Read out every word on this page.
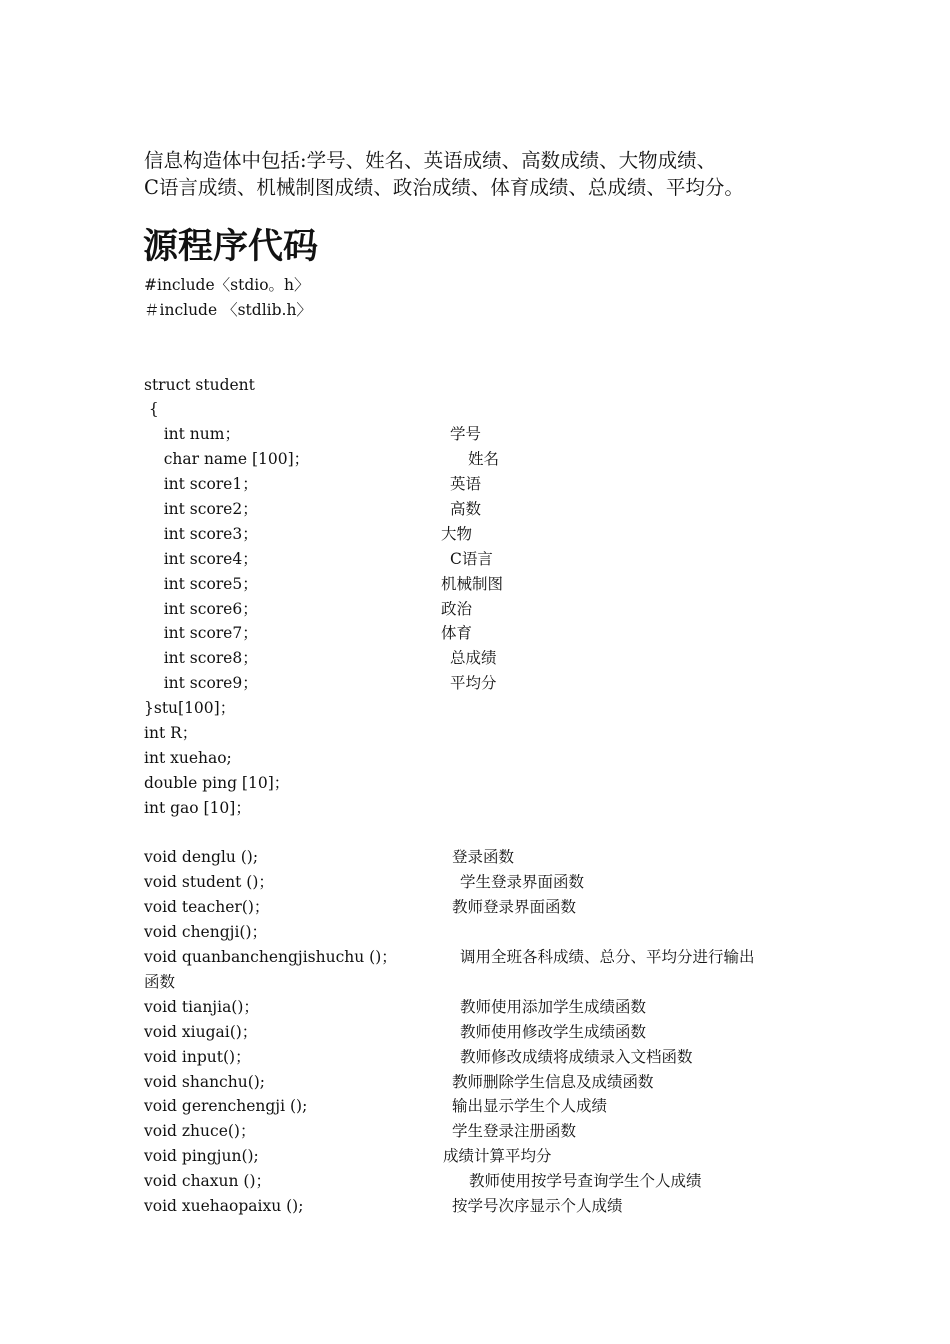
信息构造体中包括:学号、姓名、英语成绩、高数成绩、大物成绩、
C语言成绩、机械制图成绩、政治成绩、体育成绩、总成绩、平均分。

源程序代码
#include〈stdio。h〉
＃include 〈stdlib.h〉
struct student
{
int num；	学号
char name [100]；	姓名
int score1；	英语
int score2；	高数
int score3；	大物
int score4；	C语言
int score5；	机械制图
int score6；	政治
int score7；	体育
int score8；	总成绩
int score9；	平均分
}stu[100]；
int R；
int xuehao;
double ping [10]；
int gao [10]；
void denglu ();	登录函数
void student ()；	学生登录界面函数
void teacher()；	教师登录界面函数
void chengji()；
void quanbanchengjishuchu ()；	调用全班各科成绩、总分、平均分进行输出
函数
void tianjia()；	教师使用添加学生成绩函数
void xiugai()；	教师使用修改学生成绩函数
void input()；	教师修改成绩将成绩录入文档函数
void shanchu();	教师删除学生信息及成绩函数
void gerenchengji ();	输出显示学生个人成绩
void zhuce()；	学生登录注册函数
void pingjun();	成绩计算平均分
void chaxun ()；	教师使用按学号查询学生个人成绩
void xuehaopaixu ();	按学号次序显示个人成绩
